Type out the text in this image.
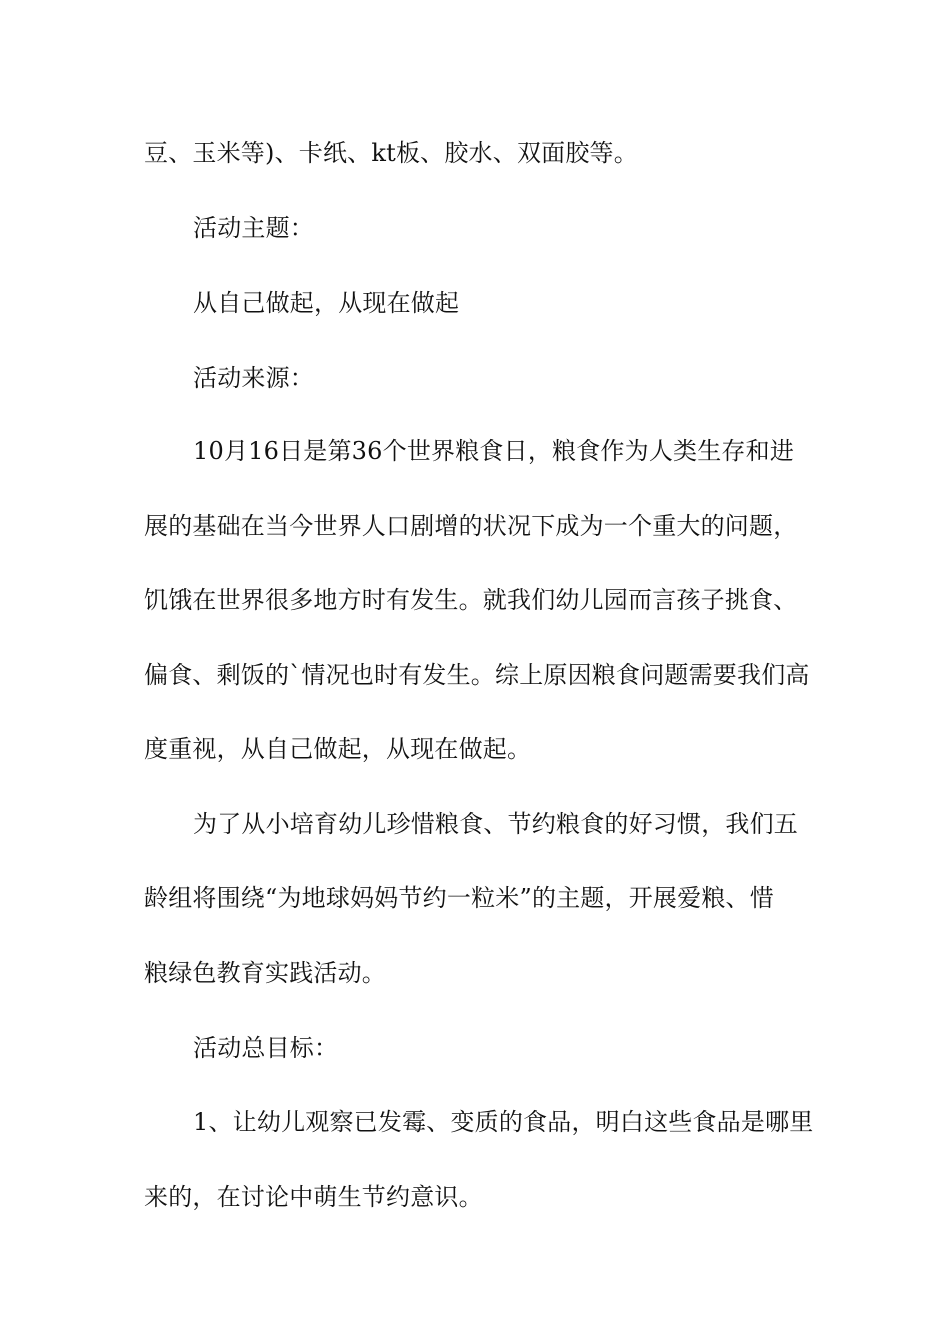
豆、玉米等)、卡纸、kt板、胶水、双面胶等。
活动主题：
从自己做起，从现在做起
活动来源：
10月16日是第36个世界粮食日，粮食作为人类生存和进
展的基础在当今世界人口剧增的状况下成为一个重大的问题，
饥饿在世界很多地方时有发生。就我们幼儿园而言孩子挑食、
偏食、剩饭的`情况也时有发生。综上原因粮食问题需要我们高
度重视，从自己做起，从现在做起。
为了从小培育幼儿珍惜粮食、节约粮食的好习惯，我们五
龄组将围绕“为地球妈妈节约一粒米”的主题，开展爱粮、惜
粮绿色教育实践活动。
活动总目标：
1、让幼儿观察已发霉、变质的食品，明白这些食品是哪里
来的，在讨论中萌生节约意识。
